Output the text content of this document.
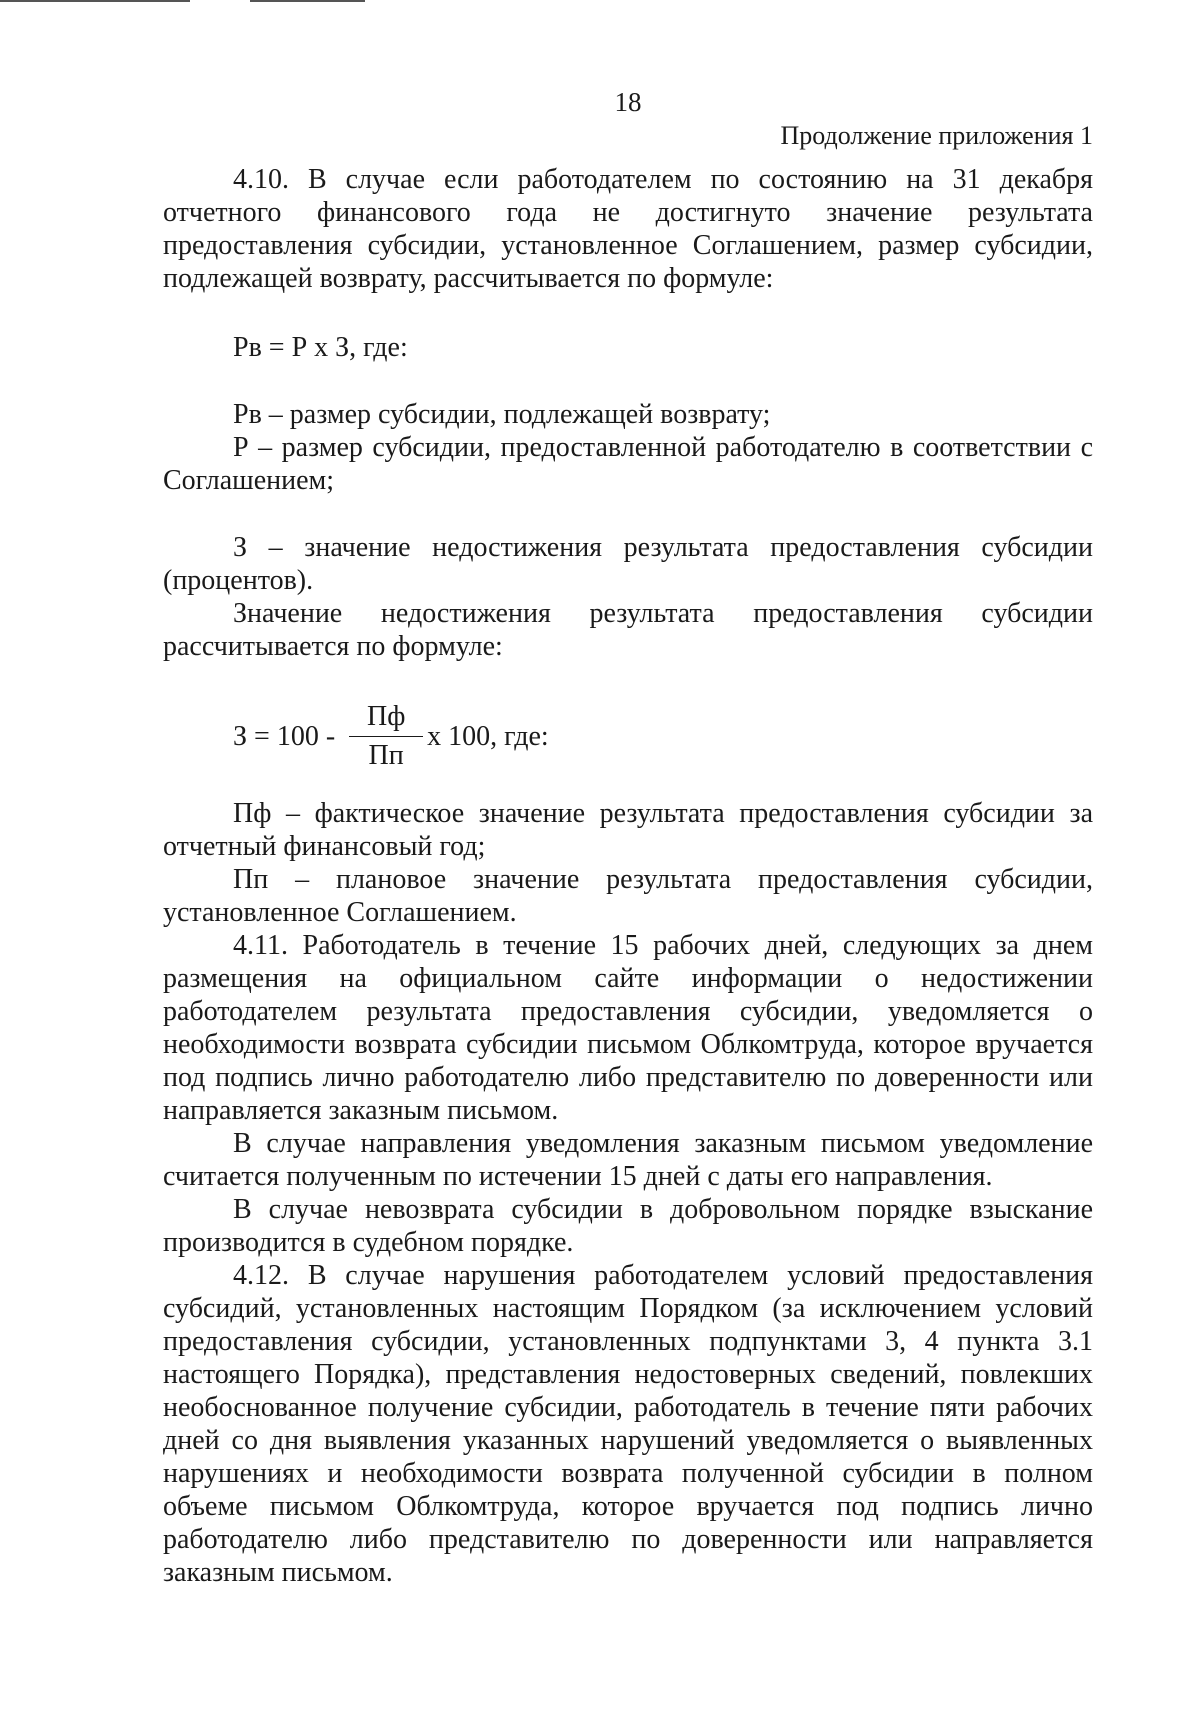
18
Продолжение приложения 1

4.10. В случае если работодателем по состоянию на 31 декабря отчетного финансового года не достигнуто значение результата предоставления субсидии, установленное Соглашением, размер субсидии, подлежащей возврату, рассчитывается по формуле:

Рв = Р х З, где:

Рв – размер субсидии, подлежащей возврату;

Р – размер субсидии, предоставленной работодателю в соответствии с Соглашением;

З – значение недостижения результата предоставления субсидии (процентов).

Значение недостижения результата предоставления субсидии рассчитывается по формуле:

$З = 100 - \frac{Пф}{Пп}$ х 100, где:

Пф – фактическое значение результата предоставления субсидии за отчетный финансовый год;

Пп – плановое значение результата предоставления субсидии, установленное Соглашением.

4.11. Работодатель в течение 15 рабочих дней, следующих за днем размещения на официальном сайте информации о недостижении работодателем результата предоставления субсидии, уведомляется о необходимости возврата субсидии письмом Облкомтруда, которое вручается под подпись лично работодателю либо представителю по доверенности или направляется заказным письмом.

В случае направления уведомления заказным письмом уведомление считается полученным по истечении 15 дней с даты его направления.

В случае невозврата субсидии в добровольном порядке взыскание производится в судебном порядке.

4.12. В случае нарушения работодателем условий предоставления субсидий, установленных настоящим Порядком (за исключением условий предоставления субсидии, установленных подпунктами 3, 4 пункта 3.1 настоящего Порядка), представления недостоверных сведений, повлекших необоснованное получение субсидии, работодатель в течение пяти рабочих дней со дня выявления указанных нарушений уведомляется о выявленных нарушениях и необходимости возврата полученной субсидии в полном объеме письмом Облкомтруда, которое вручается под подпись лично работодателю либо представителю по доверенности или направляется заказным письмом.
